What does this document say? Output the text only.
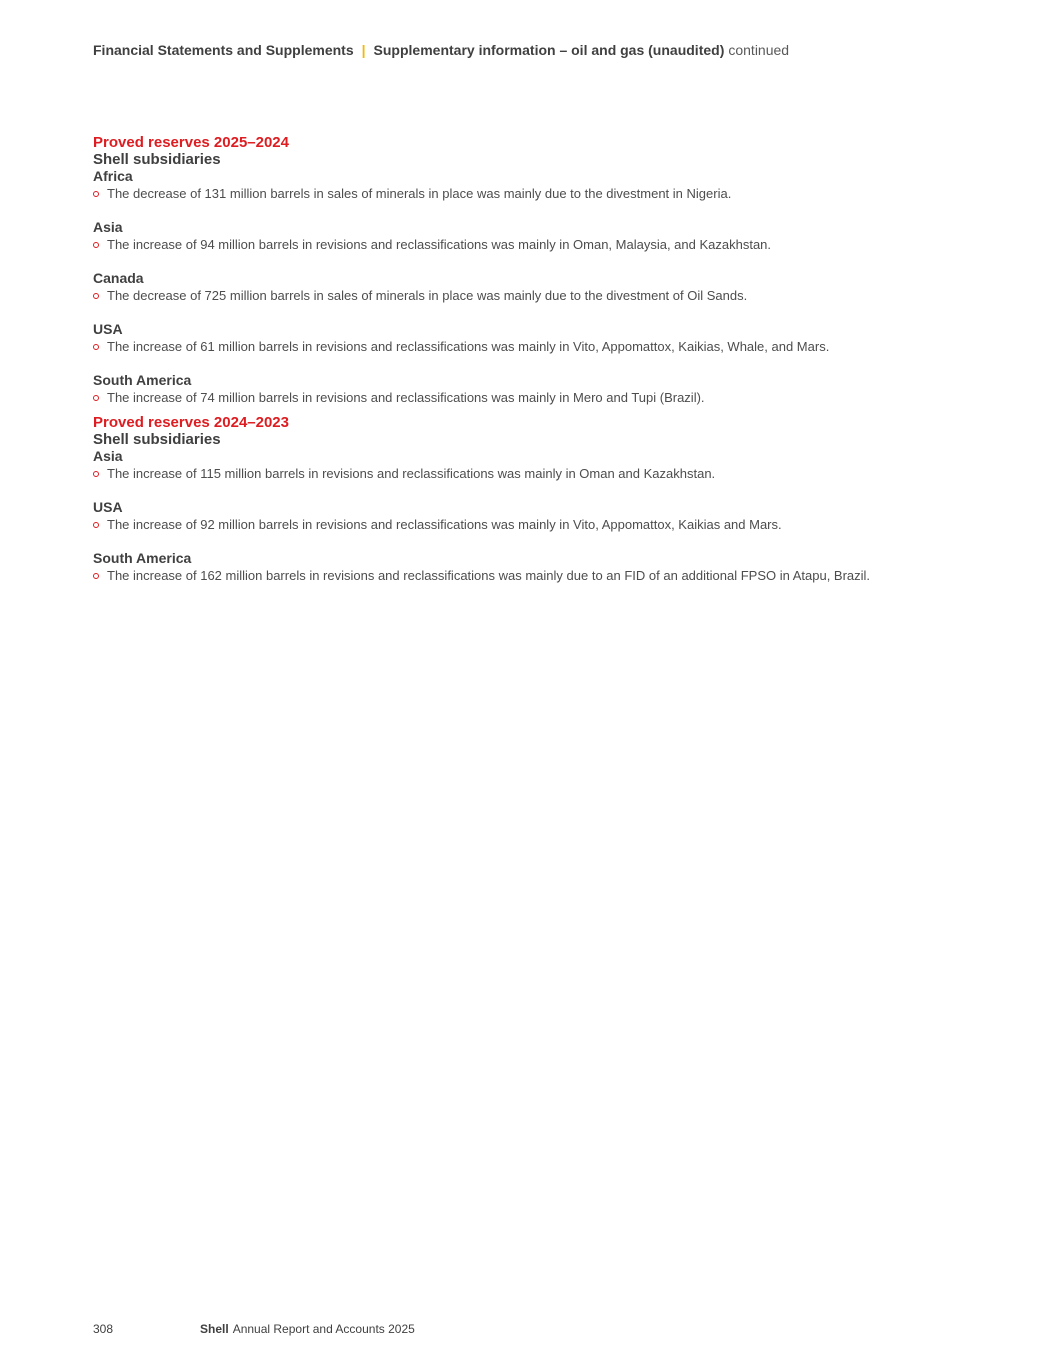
Financial Statements and Supplements | Supplementary information – oil and gas (unaudited) continued
Proved reserves 2025–2024
Shell subsidiaries
Africa
The decrease of 131 million barrels in sales of minerals in place was mainly due to the divestment in Nigeria.
Asia
The increase of 94 million barrels in revisions and reclassifications was mainly in Oman, Malaysia, and Kazakhstan.
Canada
The decrease of 725 million barrels in sales of minerals in place was mainly due to the divestment of Oil Sands.
USA
The increase of 61 million barrels in revisions and reclassifications was mainly in Vito, Appomattox, Kaikias, Whale, and Mars.
South America
The increase of 74 million barrels in revisions and reclassifications was mainly in Mero and Tupi (Brazil).
Proved reserves 2024–2023
Shell subsidiaries
Asia
The increase of 115 million barrels in revisions and reclassifications was mainly in Oman and Kazakhstan.
USA
The increase of 92 million barrels in revisions and reclassifications was mainly in Vito, Appomattox, Kaikias and Mars.
South America
The increase of 162 million barrels in revisions and reclassifications was mainly due to an FID of an additional FPSO in Atapu, Brazil.
308	Shell Annual Report and Accounts 2025
